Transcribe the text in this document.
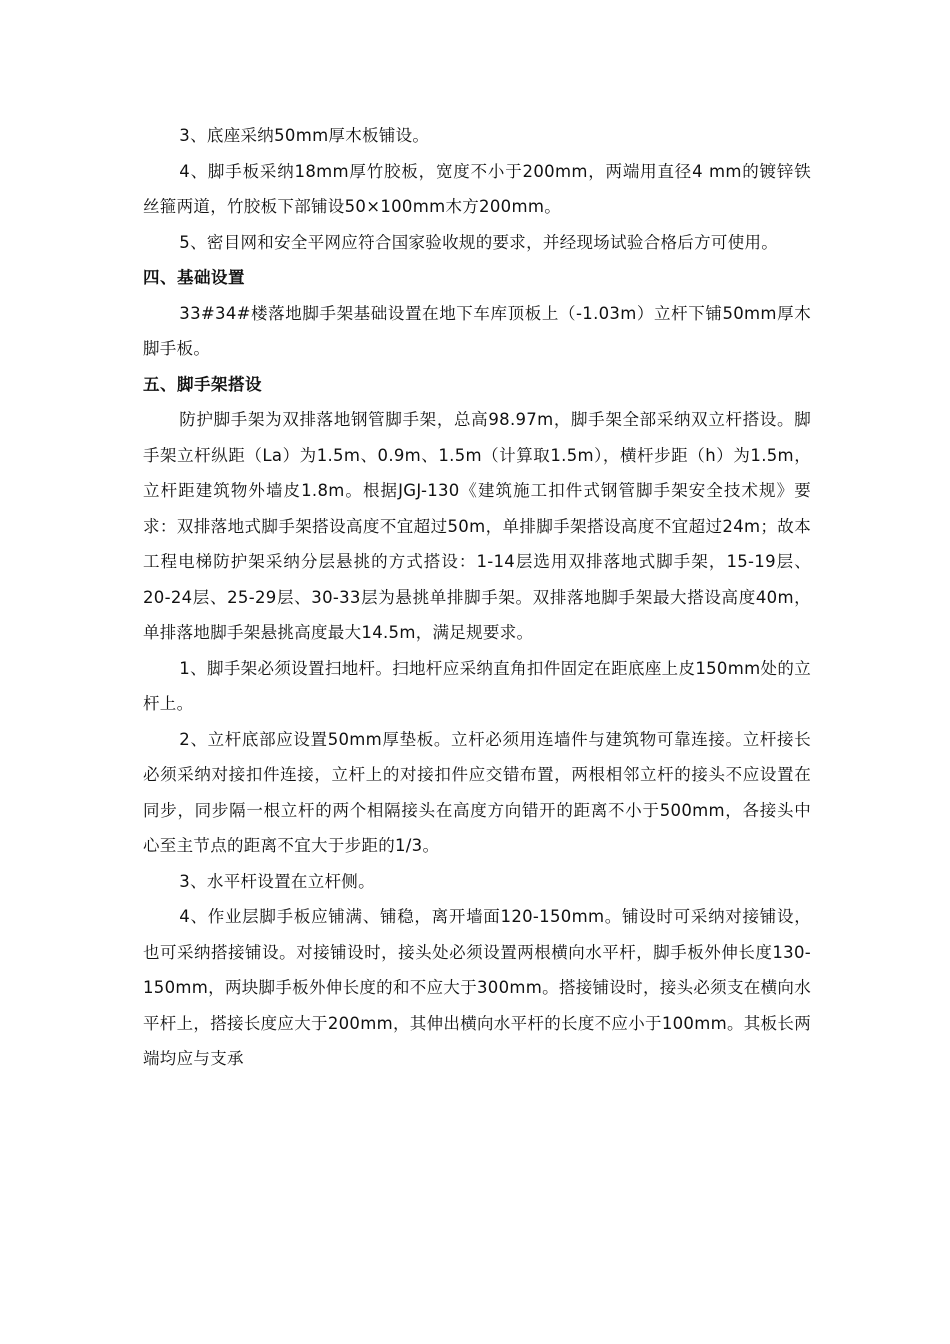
3、底座采纳50mm厚木板铺设。

4、脚手板采纳18mm厚竹胶板，宽度不小于200mm，两端用直径4 mm的镀锌铁丝箍两道，竹胶板下部铺设50×100mm木方200mm。

5、密目网和安全平网应符合国家验收规的要求，并经现场试验合格后方可使用。

四、基础设置

33#34#楼落地脚手架基础设置在地下车库顶板上（-1.03m）立杆下铺50mm厚木脚手板。

五、脚手架搭设

防护脚手架为双排落地钢管脚手架，总高98.97m，脚手架全部采纳双立杆搭设。脚手架立杆纵距（La）为1.5m、0.9m、1.5m（计算取1.5m），横杆步距（h）为1.5m，立杆距建筑物外墙皮1.8m。根据JGJ-130《建筑施工扣件式钢管脚手架安全技术规》要求：双排落地式脚手架搭设高度不宜超过50m，单排脚手架搭设高度不宜超过24m；故本工程电梯防护架采纳分层悬挑的方式搭设：1-14层选用双排落地式脚手架，15-19层、20-24层、25-29层、30-33层为悬挑单排脚手架。双排落地脚手架最大搭设高度40m，单排落地脚手架悬挑高度最大14.5m，满足规要求。

1、脚手架必须设置扫地杆。扫地杆应采纳直角扣件固定在距底座上皮150mm处的立杆上。

2、立杆底部应设置50mm厚垫板。立杆必须用连墙件与建筑物可靠连接。立杆接长必须采纳对接扣件连接，立杆上的对接扣件应交错布置，两根相邻立杆的接头不应设置在同步，同步隔一根立杆的两个相隔接头在高度方向错开的距离不小于500mm，各接头中心至主节点的距离不宜大于步距的1/3。

3、水平杆设置在立杆侧。

4、作业层脚手板应铺满、铺稳，离开墙面120-150mm。铺设时可采纳对接铺设，也可采纳搭接铺设。对接铺设时，接头处必须设置两根横向水平杆，脚手板外伸长度130-150mm，两块脚手板外伸长度的和不应大于300mm。搭接铺设时，接头必须支在横向水平杆上，搭接长度应大于200mm，其伸出横向水平杆的长度不应小于100mm。其板长两端均应与支承
